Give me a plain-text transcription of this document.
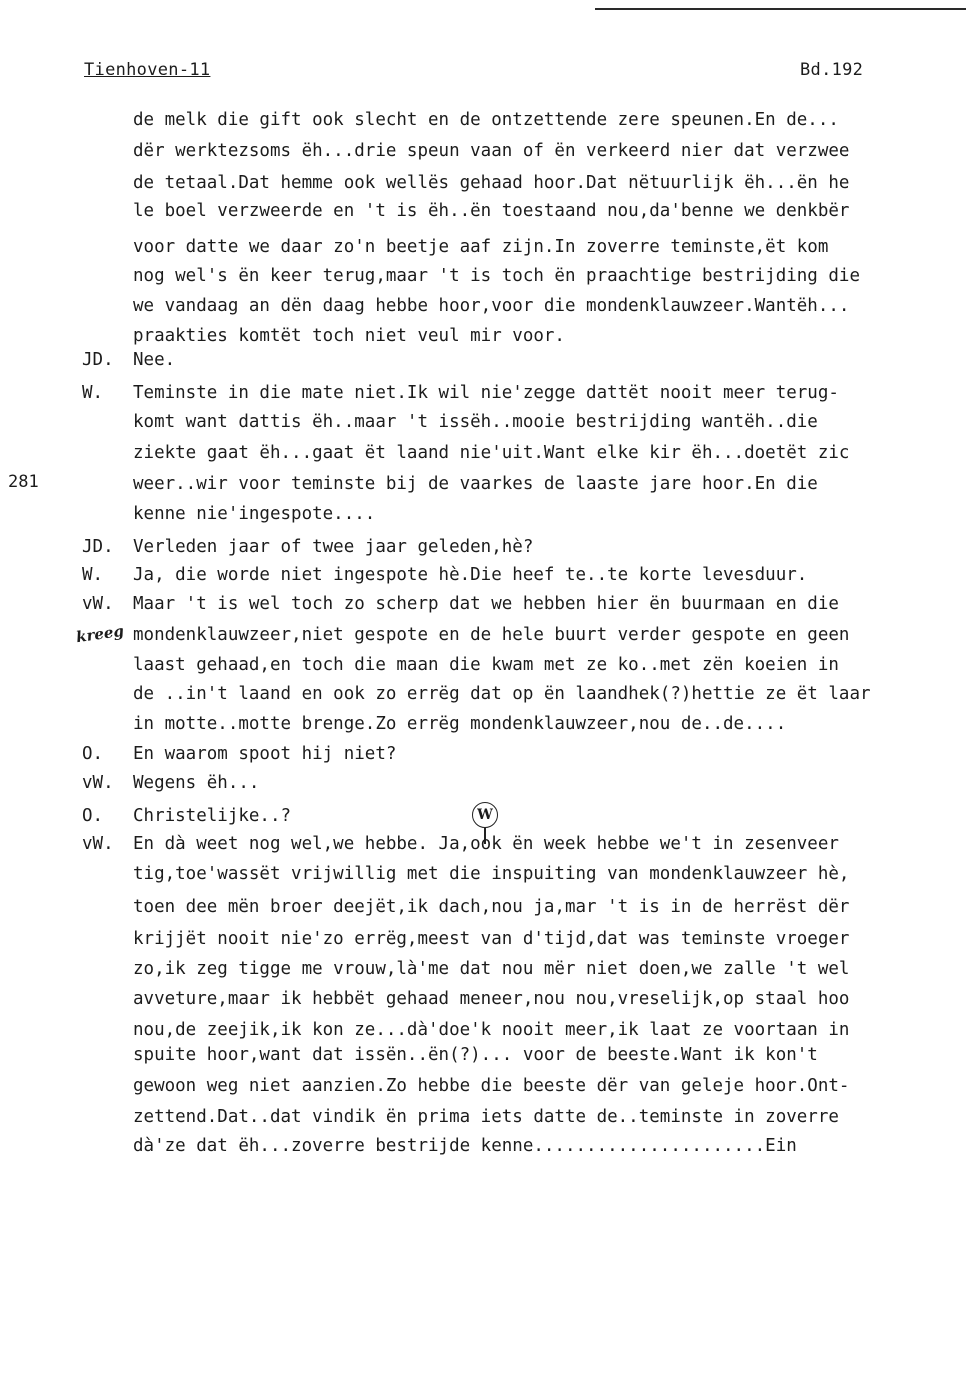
Tienhoven-11	Bd.192
281
kreeg
W
de melk die gift ook slecht en de ontzettende zere speunen.En de...
dër werktezsoms ëh...drie speun vaan of ën verkeerd nier dat verzwee
de tetaal.Dat hemme ook wellës gehaad hoor.Dat nëtuurlijk ëh...ën he
le boel verzweerde en 't is ëh..ën toestaand nou,da'benne we denkbër
voor datte we daar zo'n beetje aaf zijn.In zoverre teminste,ët kom
nog wel's ën keer terug,maar 't is toch ën praachtige bestrijding die
we vandaag an dën daag hebbe hoor,voor die mondenklauwzeer.Wantëh...
praakties komtët toch niet veul mir voor.
JD. Nee.
W. Teminste in die mate niet.Ik wil nie'zegge dattët nooit meer terug-
komt want dattis ëh..maar 't issëh..mooie bestrijding wantëh..die
ziekte gaat ëh...gaat ët laand nie'uit.Want elke kir ëh...doetët zic
weer..wir voor teminste bij de vaarkes de laaste jare hoor.En die
kenne nie'ingespote....
JD. Verleden jaar of twee jaar geleden,hè?
W. Ja, die worde niet ingespote hè.Die heef te..te korte levesduur.
vW. Maar 't is wel toch zo scherp dat we hebben hier ën buurmaan en die
mondenklauwzeer,niet gespote en de hele buurt verder gespote en geen
laast gehaad,en toch die maan die kwam met ze ko..met zën koeien in
de ..in't laand en ook zo errëg dat op ën laandhek(?)hettie ze ët laar
in motte..motte brenge.Zo errëg mondenklauwzeer,nou de..de....
O. En waarom spoot hij niet?
vW. Wegens ëh...
O. Christelijke..?
vW. En dà weet nog wel,we hebbe. Ja,ook ën week hebbe we't in zesenveer
tig,toe'wassët vrijwillig met die inspuiting van mondenklauwzeer hè,
toen dee mën broer deejët,ik dach,nou ja,mar 't is in de herrëst dër
krijjët nooit nie'zo errëg,meest van d'tijd,dat was teminste vroeger
zo,ik zeg tigge me vrouw,là'me dat nou mër niet doen,we zalle 't wel
avveture,maar ik hebbët gehaad meneer,nou nou,vreselijk,op staal hoo
nou,de zeejik,ik kon ze...dà'doe'k nooit meer,ik laat ze voortaan in
spuite hoor,want dat issën..ën(?)... voor de beeste.Want ik kon't
gewoon weg niet aanzien.Zo hebbe die beeste dër van geleje hoor.Ont-
zettend.Dat..dat vindik ën prima iets datte de..teminste in zoverre
dà'ze dat ëh...zoverre bestrijde kenne......................Ein
